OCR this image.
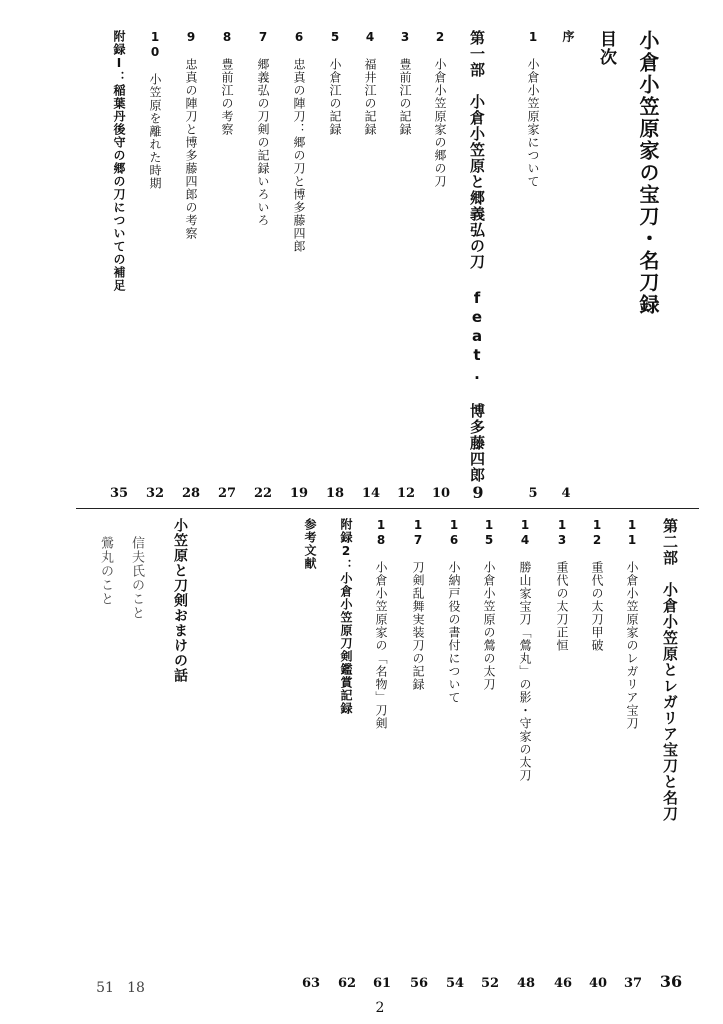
小倉小笠原家の宝刀・名刀録
目次
序
4
1　小倉小笠原家について
5
第一部　小倉小笠原と郷義弘の刀 feat. 博多藤四郎
9
2　小倉小笠原家の郷の刀
10
3　豊前江の記録
12
4　福井江の記録
14
5　小倉江の記録
18
6　忠真の陣刀：郷の刀と博多藤四郎
19
7　郷義弘の刀剣の記録いろいろ
22
8　豊前江の考察
27
9　忠真の陣刀と博多藤四郎の考察
28
10　小笠原を離れた時期
32
附録Ⅰ：稲葉丹後守の郷の刀についての補足
35
第二部　小倉小笠原とレガリア宝刀と名刀
36
11　小倉小笠原家のレガリア宝刀
37
12　重代の太刀甲破
40
13　重代の太刀正恒
46
14　勝山家宝刀「鶯丸」の影・守家の太刀
48
15　小倉小笠原の鶯の太刀
52
16　小納戸役の書付について
54
17　刀剣乱舞実装刀の記録
56
18　小倉小笠原家の「名物」刀剣
61
附録2：小倉小笠原刀剣鑑賞記録
62
参考文献
63
小笠原と刀剣おまけの話
信夫氏のこと
18
鶯丸のこと
51
2
